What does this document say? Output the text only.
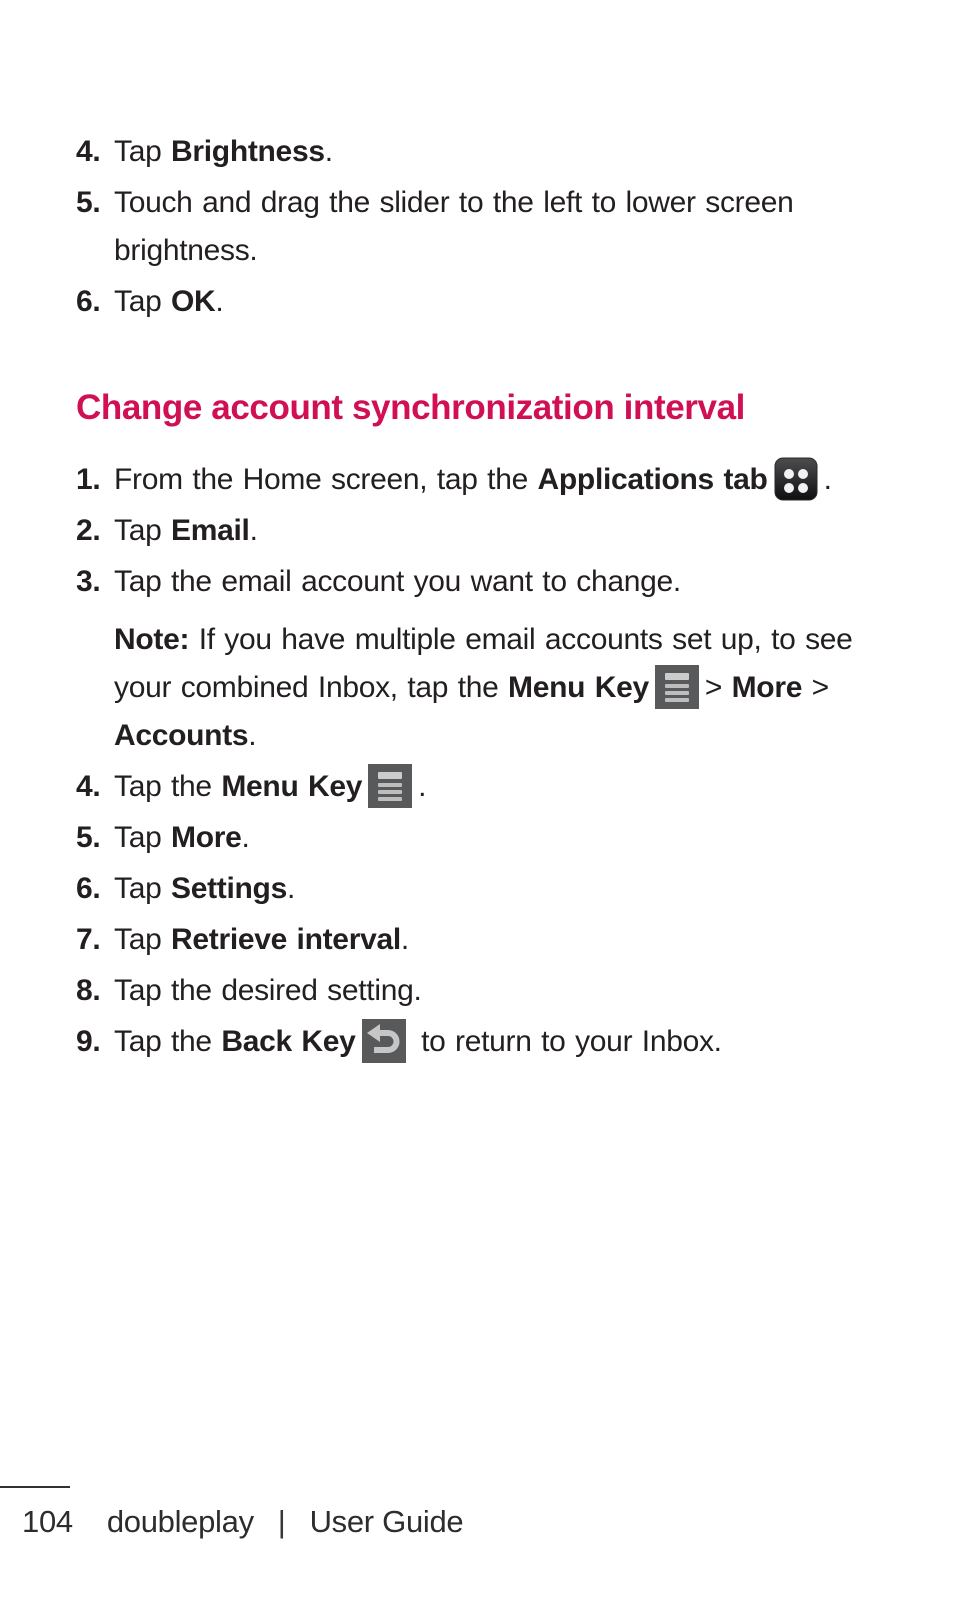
4. Tap Brightness.
5. Touch and drag the slider to the left to lower screen brightness.
6. Tap OK.
Change account synchronization interval
1. From the Home screen, tap the Applications tab .
2. Tap Email.
3. Tap the email account you want to change.
Note: If you have multiple email accounts set up, to see your combined Inbox, tap the Menu Key > More > Accounts.
4. Tap the Menu Key .
5. Tap More.
6. Tap Settings.
7. Tap Retrieve interval.
8. Tap the desired setting.
9. Tap the Back Key
to return to your Inbox.
104 doubleplay | User Guide
